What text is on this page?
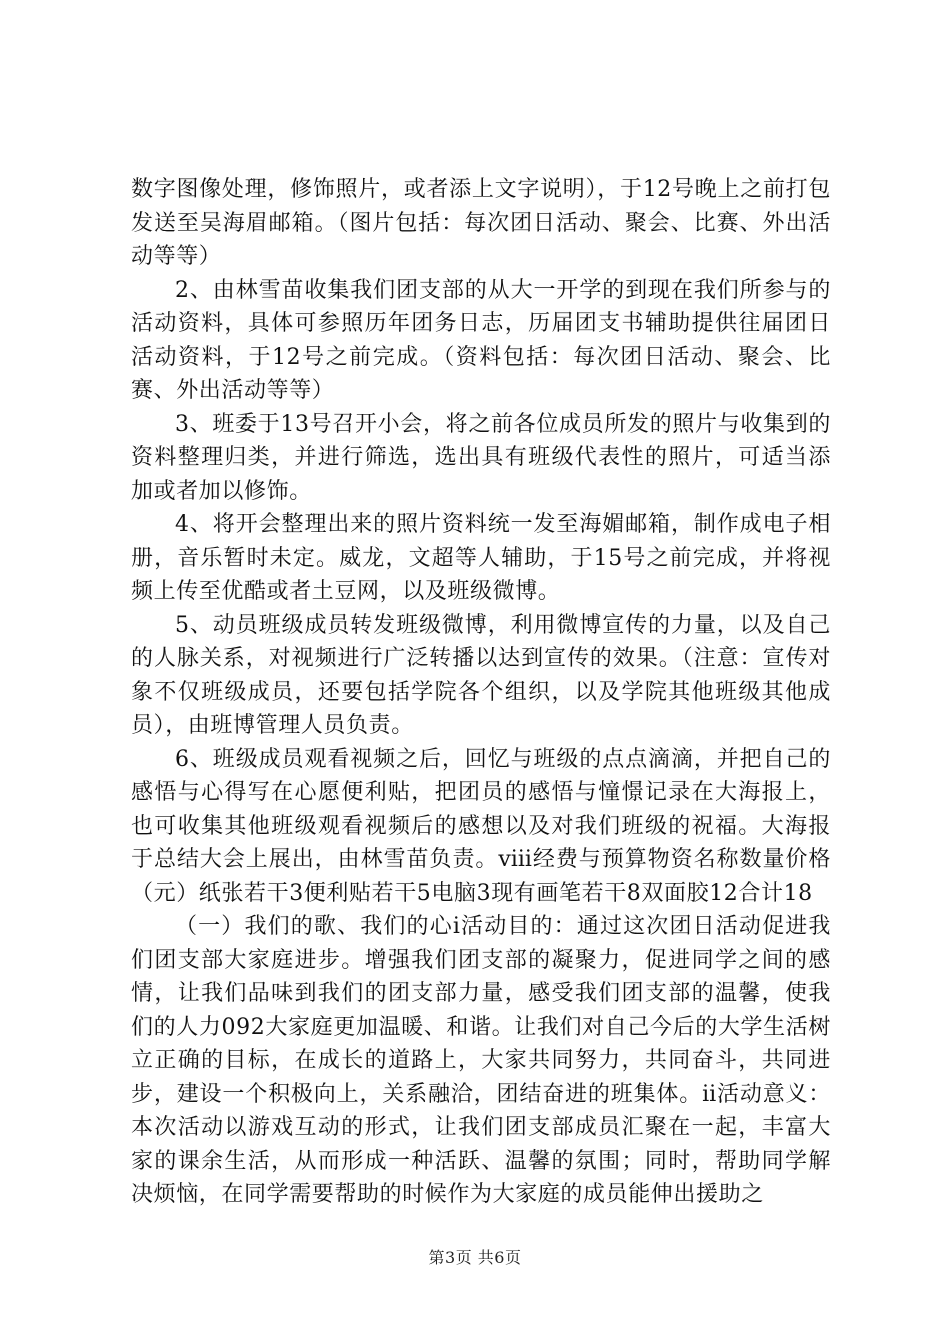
数字图像处理，修饰照片，或者添上文字说明），于12号晚上之前打包发送至吴海眉邮箱。（图片包括：每次团日活动、聚会、比赛、外出活动等等）

2、由林雪苗收集我们团支部的从大一开学的到现在我们所参与的活动资料，具体可参照历年团务日志，历届团支书辅助提供往届团日活动资料，于12号之前完成。（资料包括：每次团日活动、聚会、比赛、外出活动等等）

3、班委于13号召开小会，将之前各位成员所发的照片与收集到的资料整理归类，并进行筛选，选出具有班级代表性的照片，可适当添加或者加以修饰。

4、将开会整理出来的照片资料统一发至海媚邮箱，制作成电子相册，音乐暂时未定。威龙，文超等人辅助，于15号之前完成，并将视频上传至优酷或者土豆网，以及班级微博。

5、动员班级成员转发班级微博，利用微博宣传的力量，以及自己的人脉关系，对视频进行广泛转播以达到宣传的效果。（注意：宣传对象不仅班级成员，还要包括学院各个组织，以及学院其他班级其他成员），由班博管理人员负责。

6、班级成员观看视频之后，回忆与班级的点点滴滴，并把自己的感悟与心得写在心愿便利贴，把团员的感悟与憧憬记录在大海报上，也可收集其他班级观看视频后的感想以及对我们班级的祝福。大海报于总结大会上展出，由林雪苗负责。ⅷ经费与预算物资名称数量价格（元）纸张若干3便利贴若干5电脑3现有画笔若干8双面胶12合计18

（一）我们的歌、我们的心ⅰ活动目的：通过这次团日活动促进我们团支部大家庭进步。增强我们团支部的凝聚力，促进同学之间的感情，让我们品味到我们的团支部力量，感受我们团支部的温馨，使我们的人力092大家庭更加温暖、和谐。让我们对自己今后的大学生活树立正确的目标，在成长的道路上，大家共同努力，共同奋斗，共同进步，建设一个积极向上，关系融洽，团结奋进的班集体。ⅱ活动意义：本次活动以游戏互动的形式，让我们团支部成员汇聚在一起，丰富大家的课余生活，从而形成一种活跃、温馨的氛围；同时，帮助同学解决烦恼，在同学需要帮助的时候作为大家庭的成员能伸出援助之

第3页 共6页
